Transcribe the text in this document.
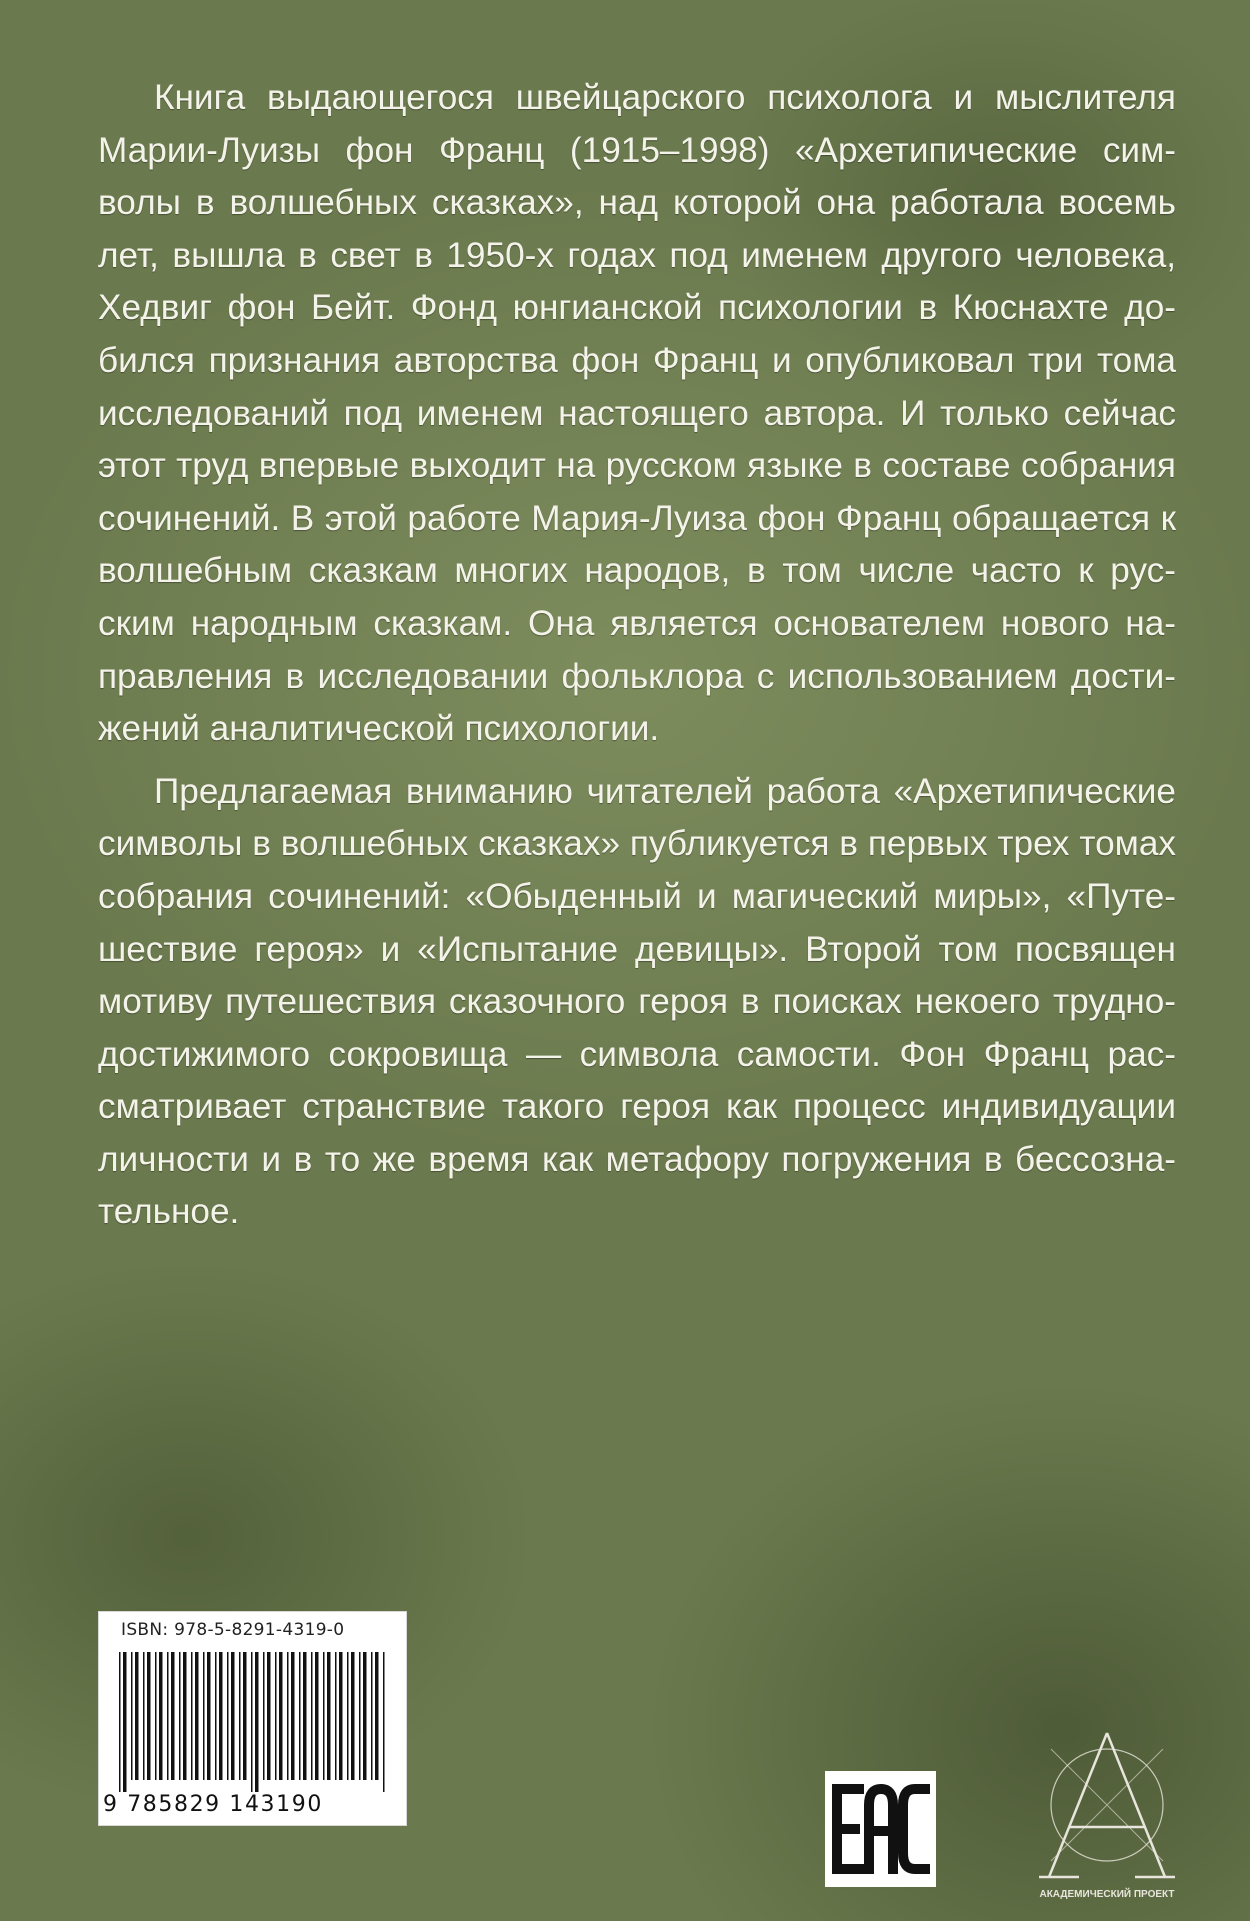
Книга выдающегося швейцарского психолога и мыслителя Марии-Луизы фон Франц (1915–1998) «Архетипические сим-волы в волшебных сказках», над которой она работала восемь лет, вышла в свет в 1950-х годах под именем другого человека, Хедвиг фон Бейт. Фонд юнгианской психологии в Кюснахте до-бился признания авторства фон Франц и опубликовал три тома исследований под именем настоящего автора. И только сейчас этот труд впервые выходит на русском языке в составе собрания сочинений. В этой работе Мария-Луиза фон Франц обращается к волшебным сказкам многих народов, в том числе часто к рус-ским народным сказкам. Она является основателем нового на-правления в исследовании фольклора с использованием дости-жений аналитической психологии.

Предлагаемая вниманию читателей работа «Архетипические символы в волшебных сказках» публикуется в первых трех томах собрания сочинений: «Обыденный и магический миры», «Путе-шествие героя» и «Испытание девицы». Второй том посвящен мотиву путешествия сказочного героя в поисках некоего трудно-достижимого сокровища — символа самости. Фон Франц рас-сматривает странствие такого героя как процесс индивидуации личности и в то же время как метафору погружения в бессозна-тельное.

ISBN: 978-5-8291-4319-0
9 785829 143190
АКАДЕМИЧЕСКИЙ ПРОЕКТ
